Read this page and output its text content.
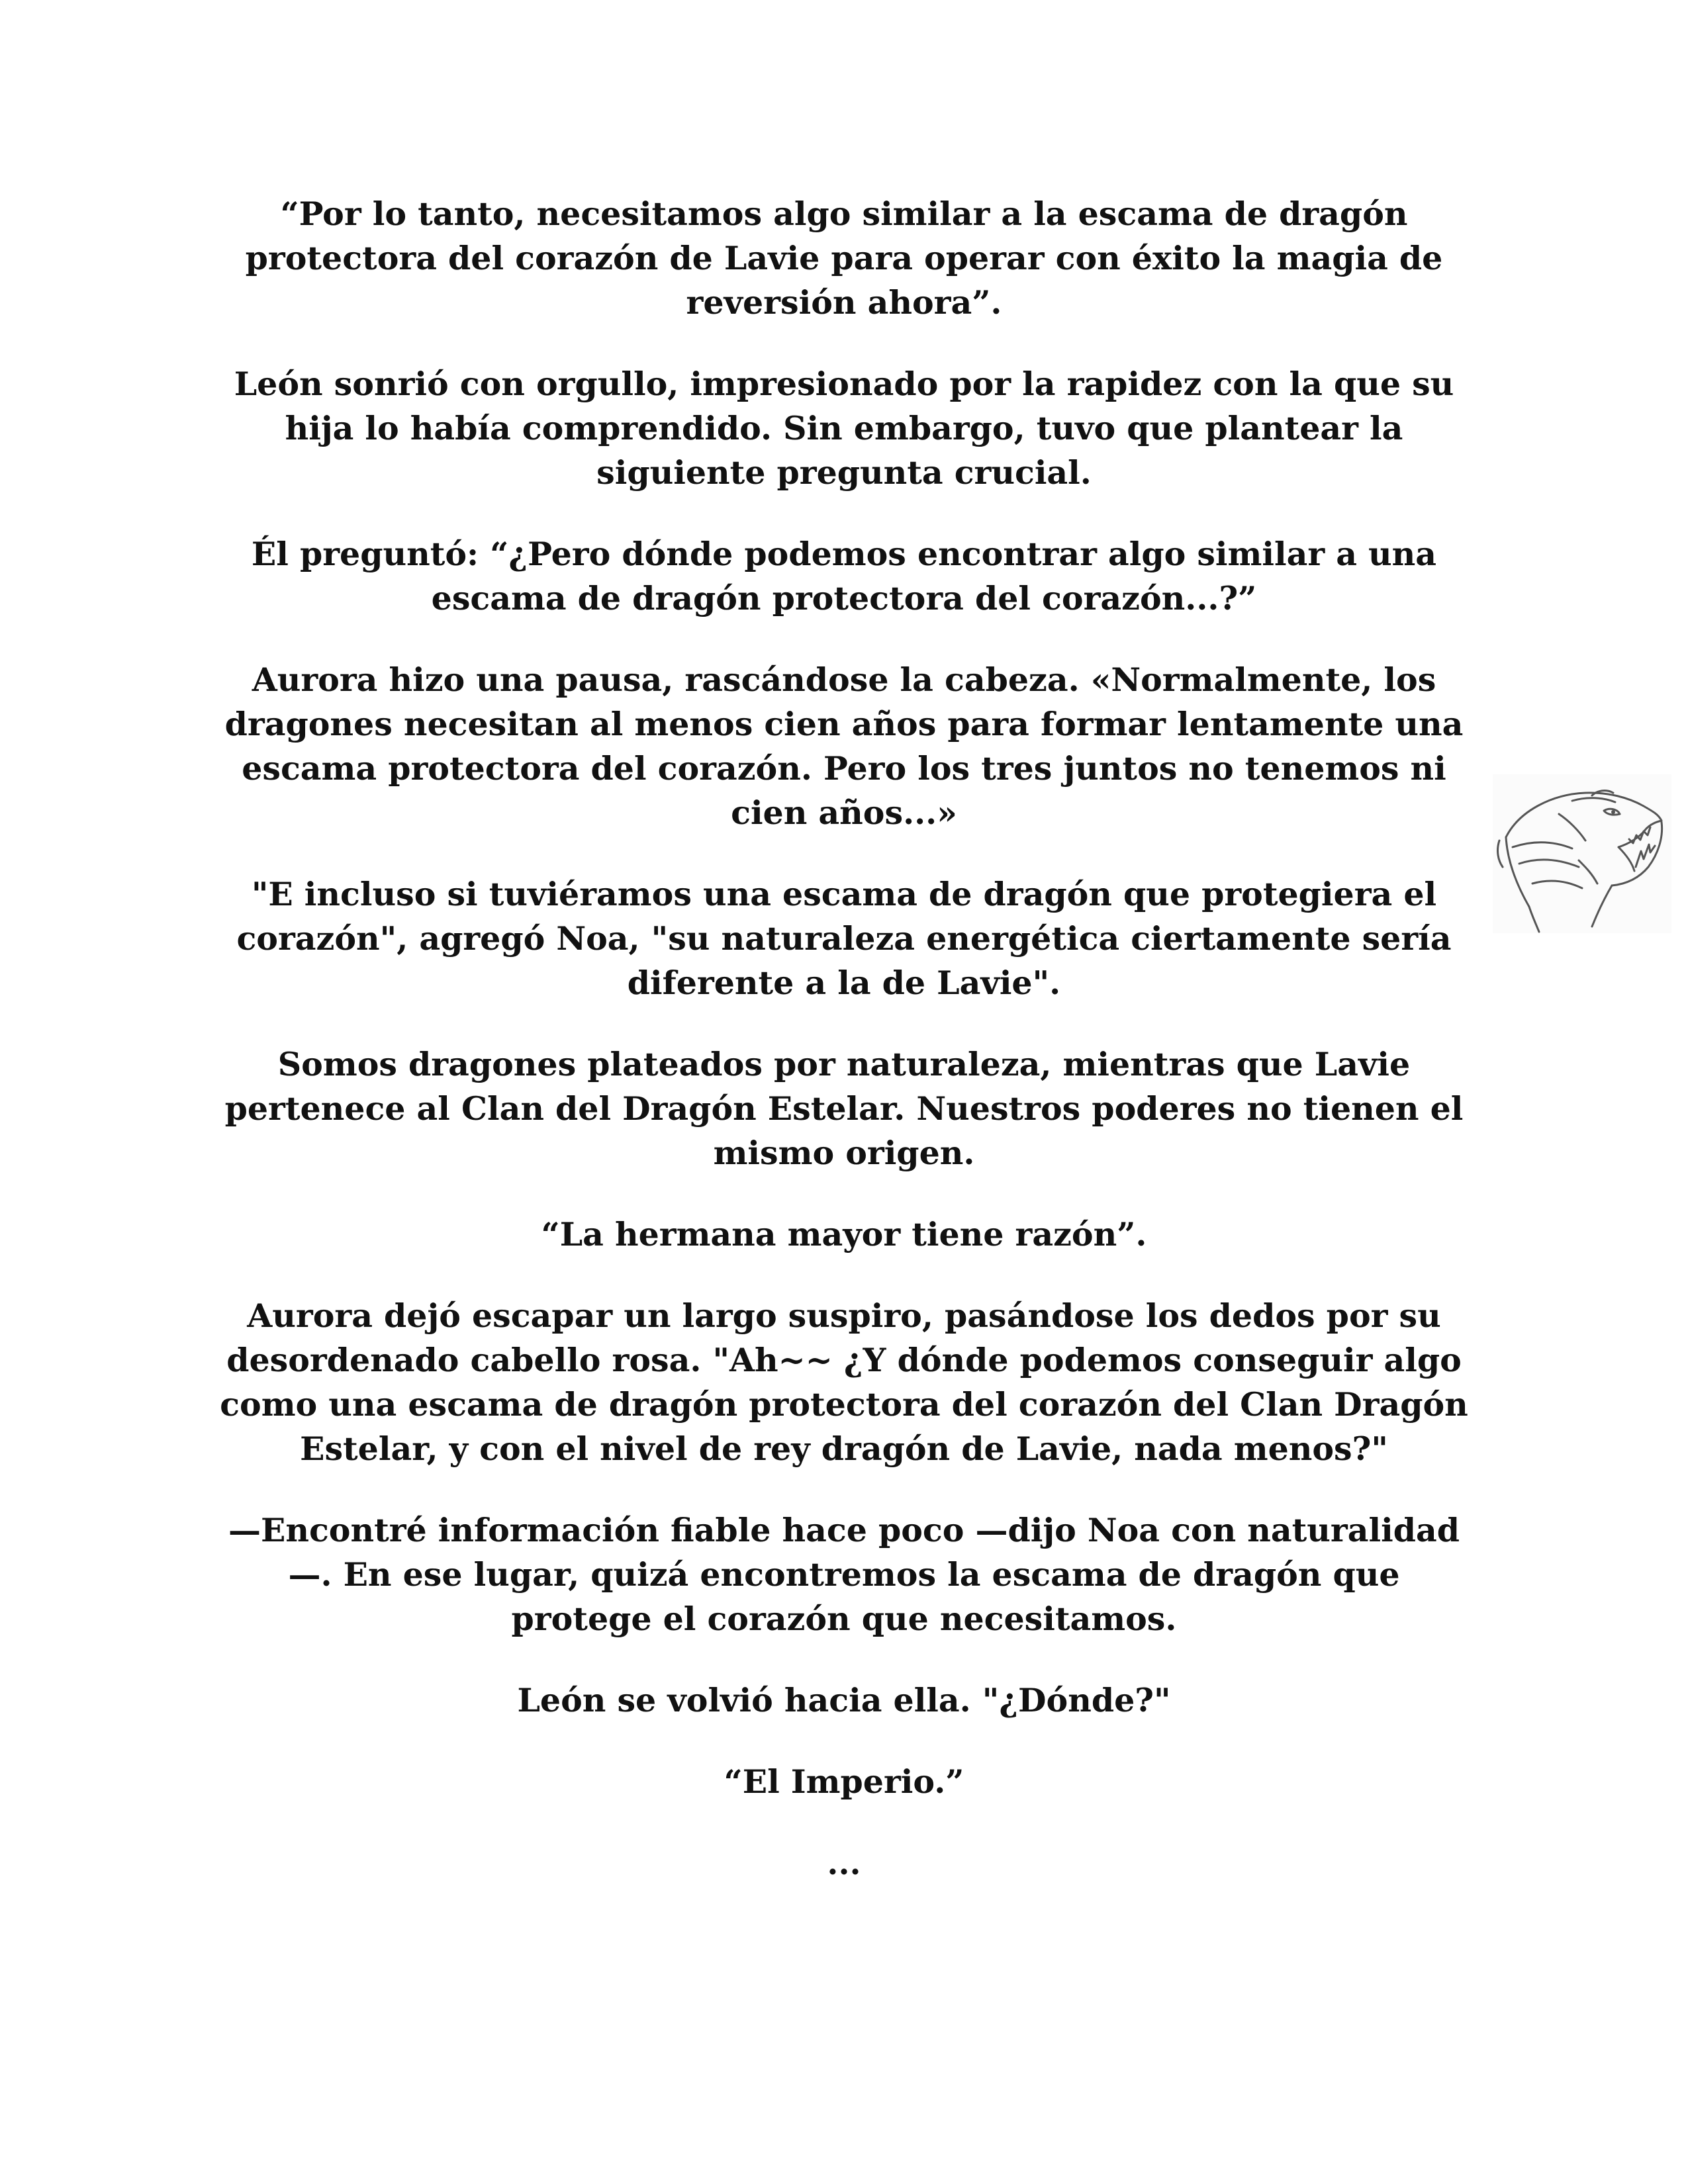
“Por lo tanto, necesitamos algo similar a la escama de dragón protectora del corazón de Lavie para operar con éxito la magia de reversión ahora”.

León sonrió con orgullo, impresionado por la rapidez con la que su hija lo había comprendido. Sin embargo, tuvo que plantear la siguiente pregunta crucial.

Él preguntó: “¿Pero dónde podemos encontrar algo similar a una escama de dragón protectora del corazón...?”

Aurora hizo una pausa, rascándose la cabeza. «Normalmente, los dragones necesitan al menos cien años para formar lentamente una escama protectora del corazón. Pero los tres juntos no tenemos ni cien años...»

"E incluso si tuviéramos una escama de dragón que protegiera el corazón", agregó Noa, "su naturaleza energética ciertamente sería diferente a la de Lavie".

Somos dragones plateados por naturaleza, mientras que Lavie pertenece al Clan del Dragón Estelar. Nuestros poderes no tienen el mismo origen.

“La hermana mayor tiene razón”.

Aurora dejó escapar un largo suspiro, pasándose los dedos por su desordenado cabello rosa. "Ah~~ ¿Y dónde podemos conseguir algo como una escama de dragón protectora del corazón del Clan Dragón Estelar, y con el nivel de rey dragón de Lavie, nada menos?"

—Encontré información fiable hace poco —dijo Noa con naturalidad—. En ese lugar, quizá encontremos la escama de dragón que protege el corazón que necesitamos.

León se volvió hacia ella. "¿Dónde?"

“El Imperio.”

...
